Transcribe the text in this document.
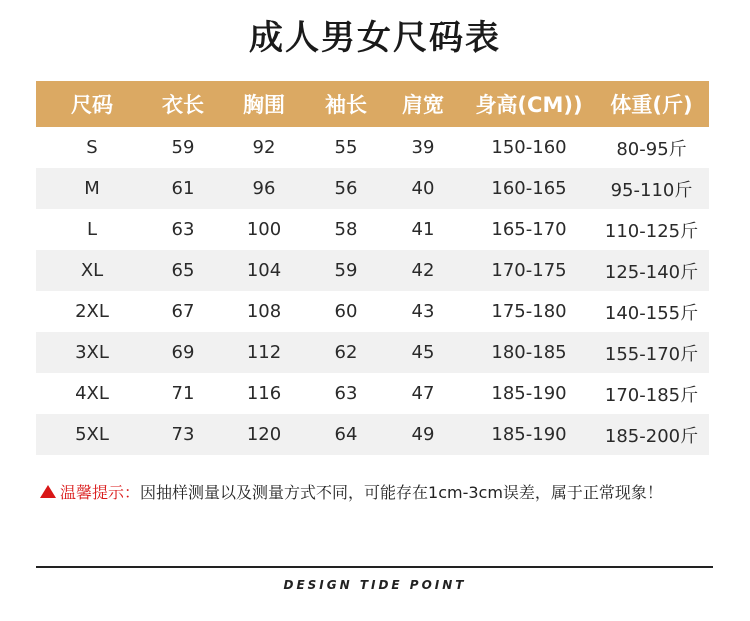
成人男女尺码表
尺码	衣长	胸围	袖长	肩宽	身高(CM))	体重(斤)
S	59	92	55	39	150-160	80-95斤
M	61	96	56	40	160-165	95-110斤
L	63	100	58	41	165-170	110-125斤
XL	65	104	59	42	170-175	125-140斤
2XL	67	108	60	43	175-180	140-155斤
3XL	69	112	62	45	180-185	155-170斤
4XL	71	116	63	47	185-190	170-185斤
5XL	73	120	64	49	185-190	185-200斤
温馨提示： 因抽样测量以及测量方式不同，可能存在1cm-3cm误差，属于正常现象！
DESIGN TIDE POINT
